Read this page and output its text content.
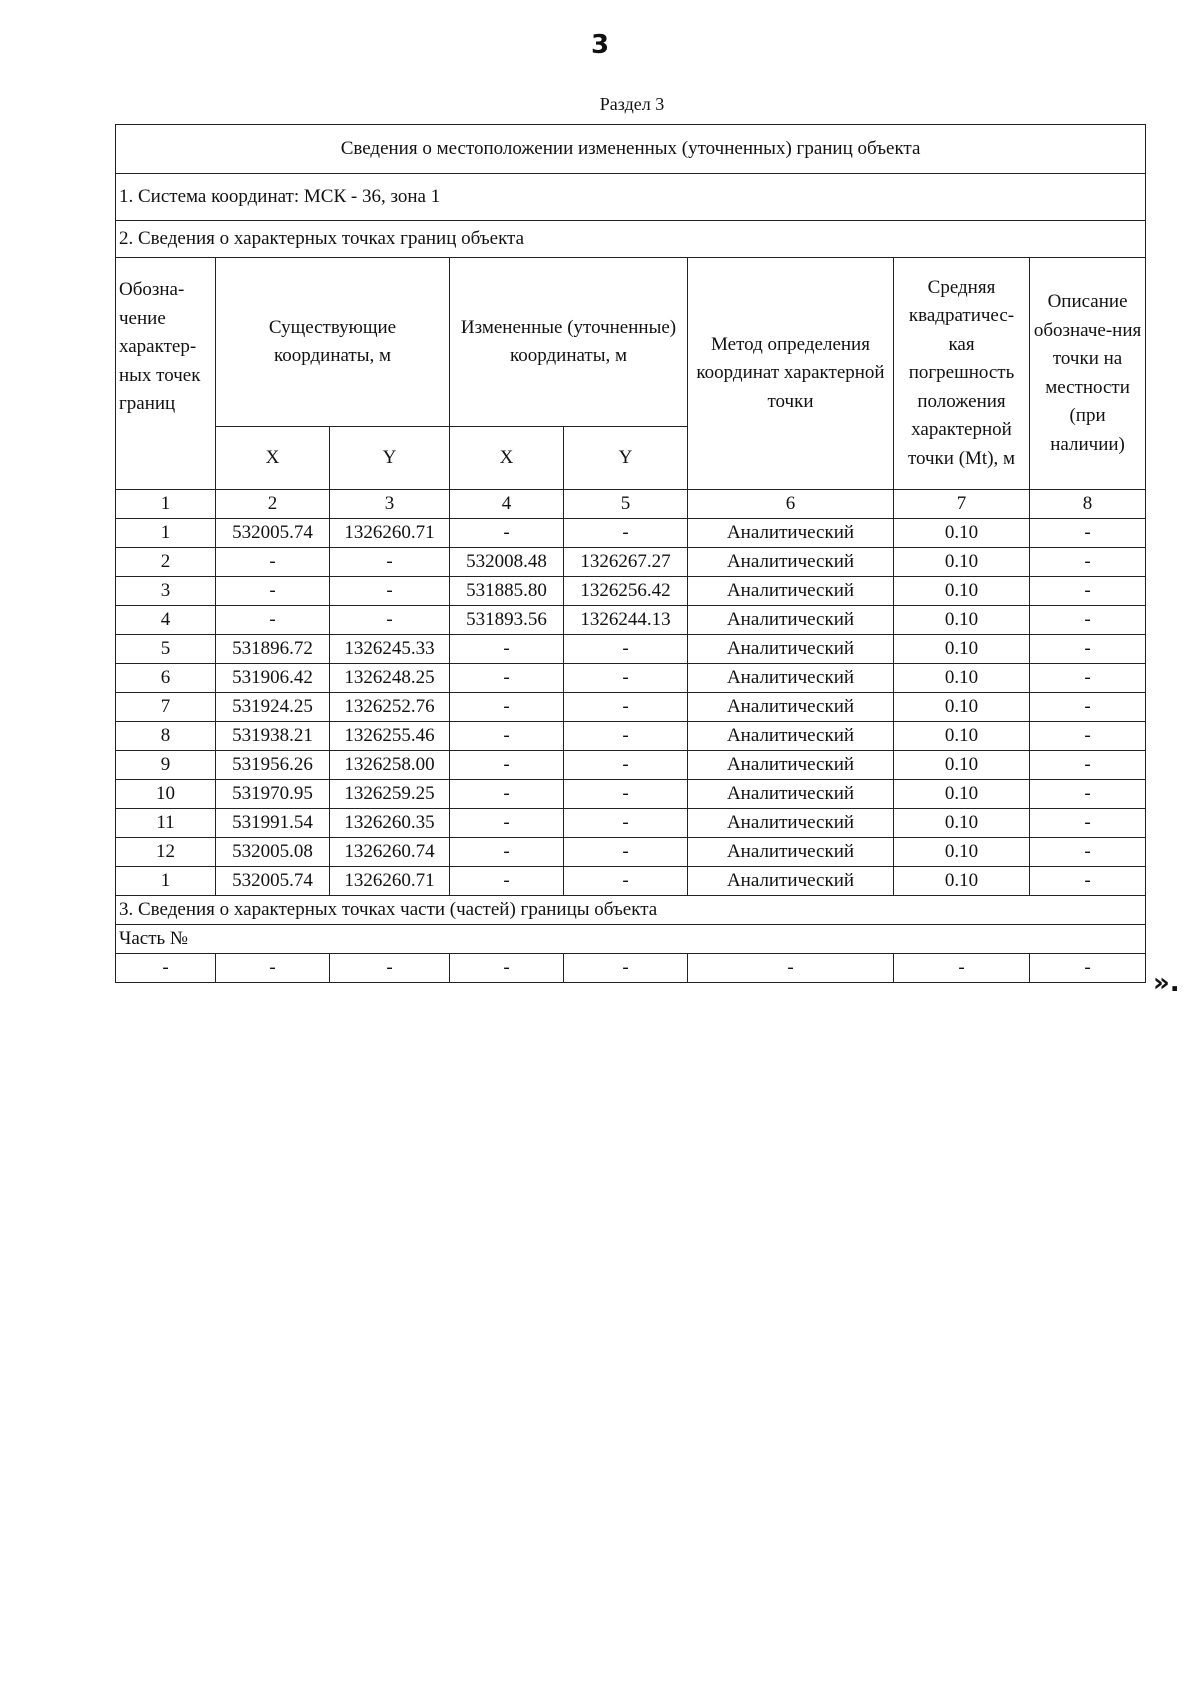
3
Раздел 3
Сведения о местоположении измененных (уточненных) границ объекта							
1. Система координат: МСК - 36, зона 1							
2. Сведения о характерных точках границ объекта							
Обозна-чение характер-ных точек границ	Существующие координаты, м		Измененные (уточненные) координаты, м		Метод определения координат характерной точки	Средняя квадратичес-кая погрешность положения характерной точки (Mt), м	Описание обозначе-ния точки на местности (при наличии)
	X	Y	X	Y			
1	2	3	4	5	6	7	8
1	532005.74	1326260.71	-	-	Аналитический	0.10	-
2	-	-	532008.48	1326267.27	Аналитический	0.10	-
3	-	-	531885.80	1326256.42	Аналитический	0.10	-
4	-	-	531893.56	1326244.13	Аналитический	0.10	-
5	531896.72	1326245.33	-	-	Аналитический	0.10	-
6	531906.42	1326248.25	-	-	Аналитический	0.10	-
7	531924.25	1326252.76	-	-	Аналитический	0.10	-
8	531938.21	1326255.46	-	-	Аналитический	0.10	-
9	531956.26	1326258.00	-	-	Аналитический	0.10	-
10	531970.95	1326259.25	-	-	Аналитический	0.10	-
11	531991.54	1326260.35	-	-	Аналитический	0.10	-
12	532005.08	1326260.74	-	-	Аналитический	0.10	-
1	532005.74	1326260.71	-	-	Аналитический	0.10	-
3. Сведения о характерных точках части (частей) границы объекта							
Часть №							
-	-	-	-	-	-	-	-
».
